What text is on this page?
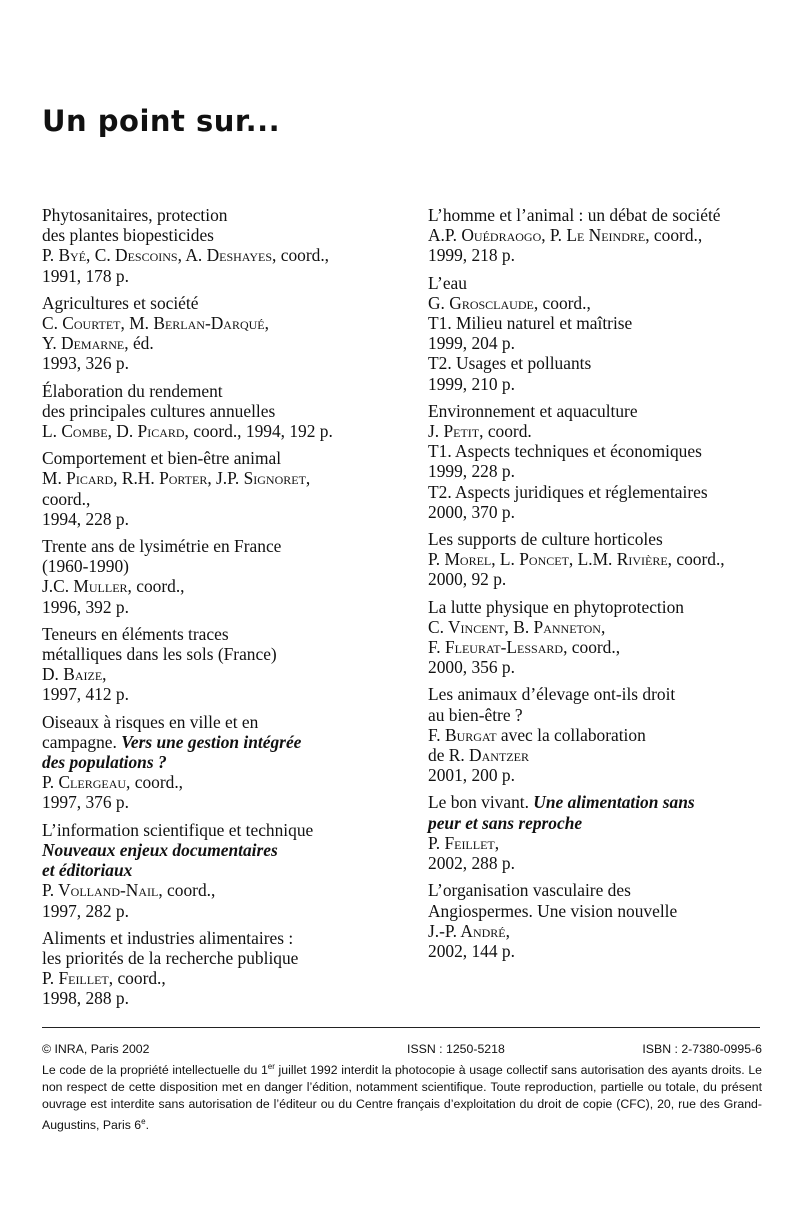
Un point sur...
Phytosanitaires, protection
des plantes biopesticides
P. Byé, C. Descoins, A. Deshayes, coord.,
1991, 178 p.
Agricultures et société
C. Courtet, M. Berlan-Darqué,
Y. Demarne, éd.
1993, 326 p.
Élaboration du rendement
des principales cultures annuelles
L. Combe, D. Picard, coord., 1994, 192 p.
Comportement et bien-être animal
M. Picard, R.H. Porter, J.P. Signoret,
coord.,
1994, 228 p.
Trente ans de lysimétrie en France
(1960-1990)
J.C. Muller, coord.,
1996, 392 p.
Teneurs en éléments traces
métalliques dans les sols (France)
D. Baize,
1997, 412 p.
Oiseaux à risques en ville et en
campagne. Vers une gestion intégrée
des populations ?
P. Clergeau, coord.,
1997, 376 p.
L’information scientifique et technique
Nouveaux enjeux documentaires
et éditoriaux
P. Volland-Nail, coord.,
1997, 282 p.
Aliments et industries alimentaires :
les priorités de la recherche publique
P. Feillet, coord.,
1998, 288 p.
L’homme et l’animal : un débat de société
A.P. Ouédraogo, P. Le Neindre, coord.,
1999, 218 p.
L’eau
G. Grosclaude, coord.,
T1. Milieu naturel et maîtrise
1999, 204 p.
T2. Usages et polluants
1999, 210 p.
Environnement et aquaculture
J. Petit, coord.
T1. Aspects techniques et économiques
1999, 228 p.
T2. Aspects juridiques et réglementaires
2000, 370 p.
Les supports de culture horticoles
P. Morel, L. Poncet, L.M. Rivière, coord.,
2000, 92 p.
La lutte physique en phytoprotection
C. Vincent, B. Panneton,
F. Fleurat-Lessard, coord.,
2000, 356 p.
Les animaux d’élevage ont-ils droit
au bien-être ?
F. Burgat avec la collaboration
de R. Dantzer
2001, 200 p.
Le bon vivant. Une alimentation sans
peur et sans reproche
P. Feillet,
2002, 288 p.
L’organisation vasculaire des
Angiospermes. Une vision nouvelle
J.-P. André,
2002, 144 p.
© INRA, Paris 2002	ISSN : 1250-5218	ISBN : 2-7380-0995-6
Le code de la propriété intellectuelle du 1er juillet 1992 interdit la photocopie à usage collectif sans autorisation des ayants droits. Le non respect de cette disposition met en danger l’édition, notamment scientifique. Toute reproduction, partielle ou totale, du présent ouvrage est interdite sans autorisation de l’éditeur ou du Centre français d’exploitation du droit de copie (CFC), 20, rue des Grand-Augustins, Paris 6e.
